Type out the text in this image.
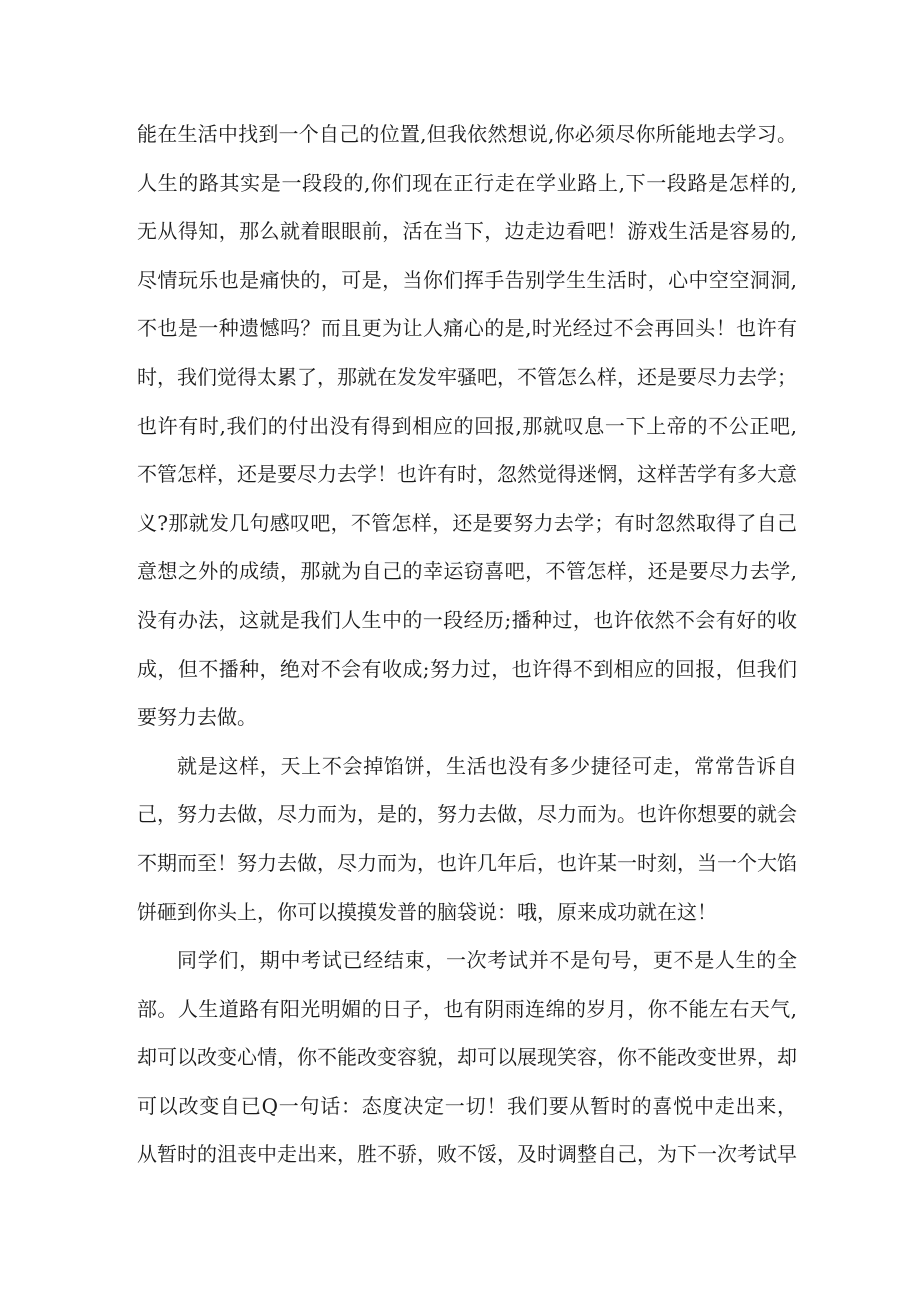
能在生活中找到一个自己的位置,但我依然想说,你必须尽你所能地去学习。
人生的路其实是一段段的,你们现在正行走在学业路上,下一段路是怎样的,
无从得知，那么就着眼眼前，活在当下，边走边看吧！游戏生活是容易的,
尽情玩乐也是痛快的，可是，当你们挥手告别学生生活时，心中空空洞洞,
不也是一种遗憾吗？而且更为让人痛心的是,时光经过不会再回头！也许有
时，我们觉得太累了，那就在发发牢骚吧，不管怎么样，还是要尽力去学；
也许有时,我们的付出没有得到相应的回报,那就叹息一下上帝的不公正吧,
不管怎样，还是要尽力去学！也许有时，忽然觉得迷惘，这样苦学有多大意
义?那就发几句感叹吧，不管怎样，还是要努力去学；有时忽然取得了自己
意想之外的成绩，那就为自己的幸运窃喜吧，不管怎样，还是要尽力去学,
没有办法，这就是我们人生中的一段经历;播种过，也许依然不会有好的收
成，但不播种，绝对不会有收成;努力过，也许得不到相应的回报，但我们
要努力去做。
就是这样，天上不会掉馅饼，生活也没有多少捷径可走，常常告诉自
己，努力去做，尽力而为，是的，努力去做，尽力而为。也许你想要的就会
不期而至！努力去做，尽力而为，也许几年后，也许某一时刻，当一个大馅
饼砸到你头上，你可以摸摸发普的脑袋说：哦，原来成功就在这！
同学们，期中考试已经结束，一次考试并不是句号，更不是人生的全
部。人生道路有阳光明媚的日子，也有阴雨连绵的岁月，你不能左右天气,
却可以改变心情，你不能改变容貌，却可以展现笑容，你不能改变世界，却
可以改变自已Q一句话：态度决定一切！我们要从暂时的喜悦中走出来，
从暂时的沮丧中走出来，胜不骄，败不馁，及时调整自己，为下一次考试早
